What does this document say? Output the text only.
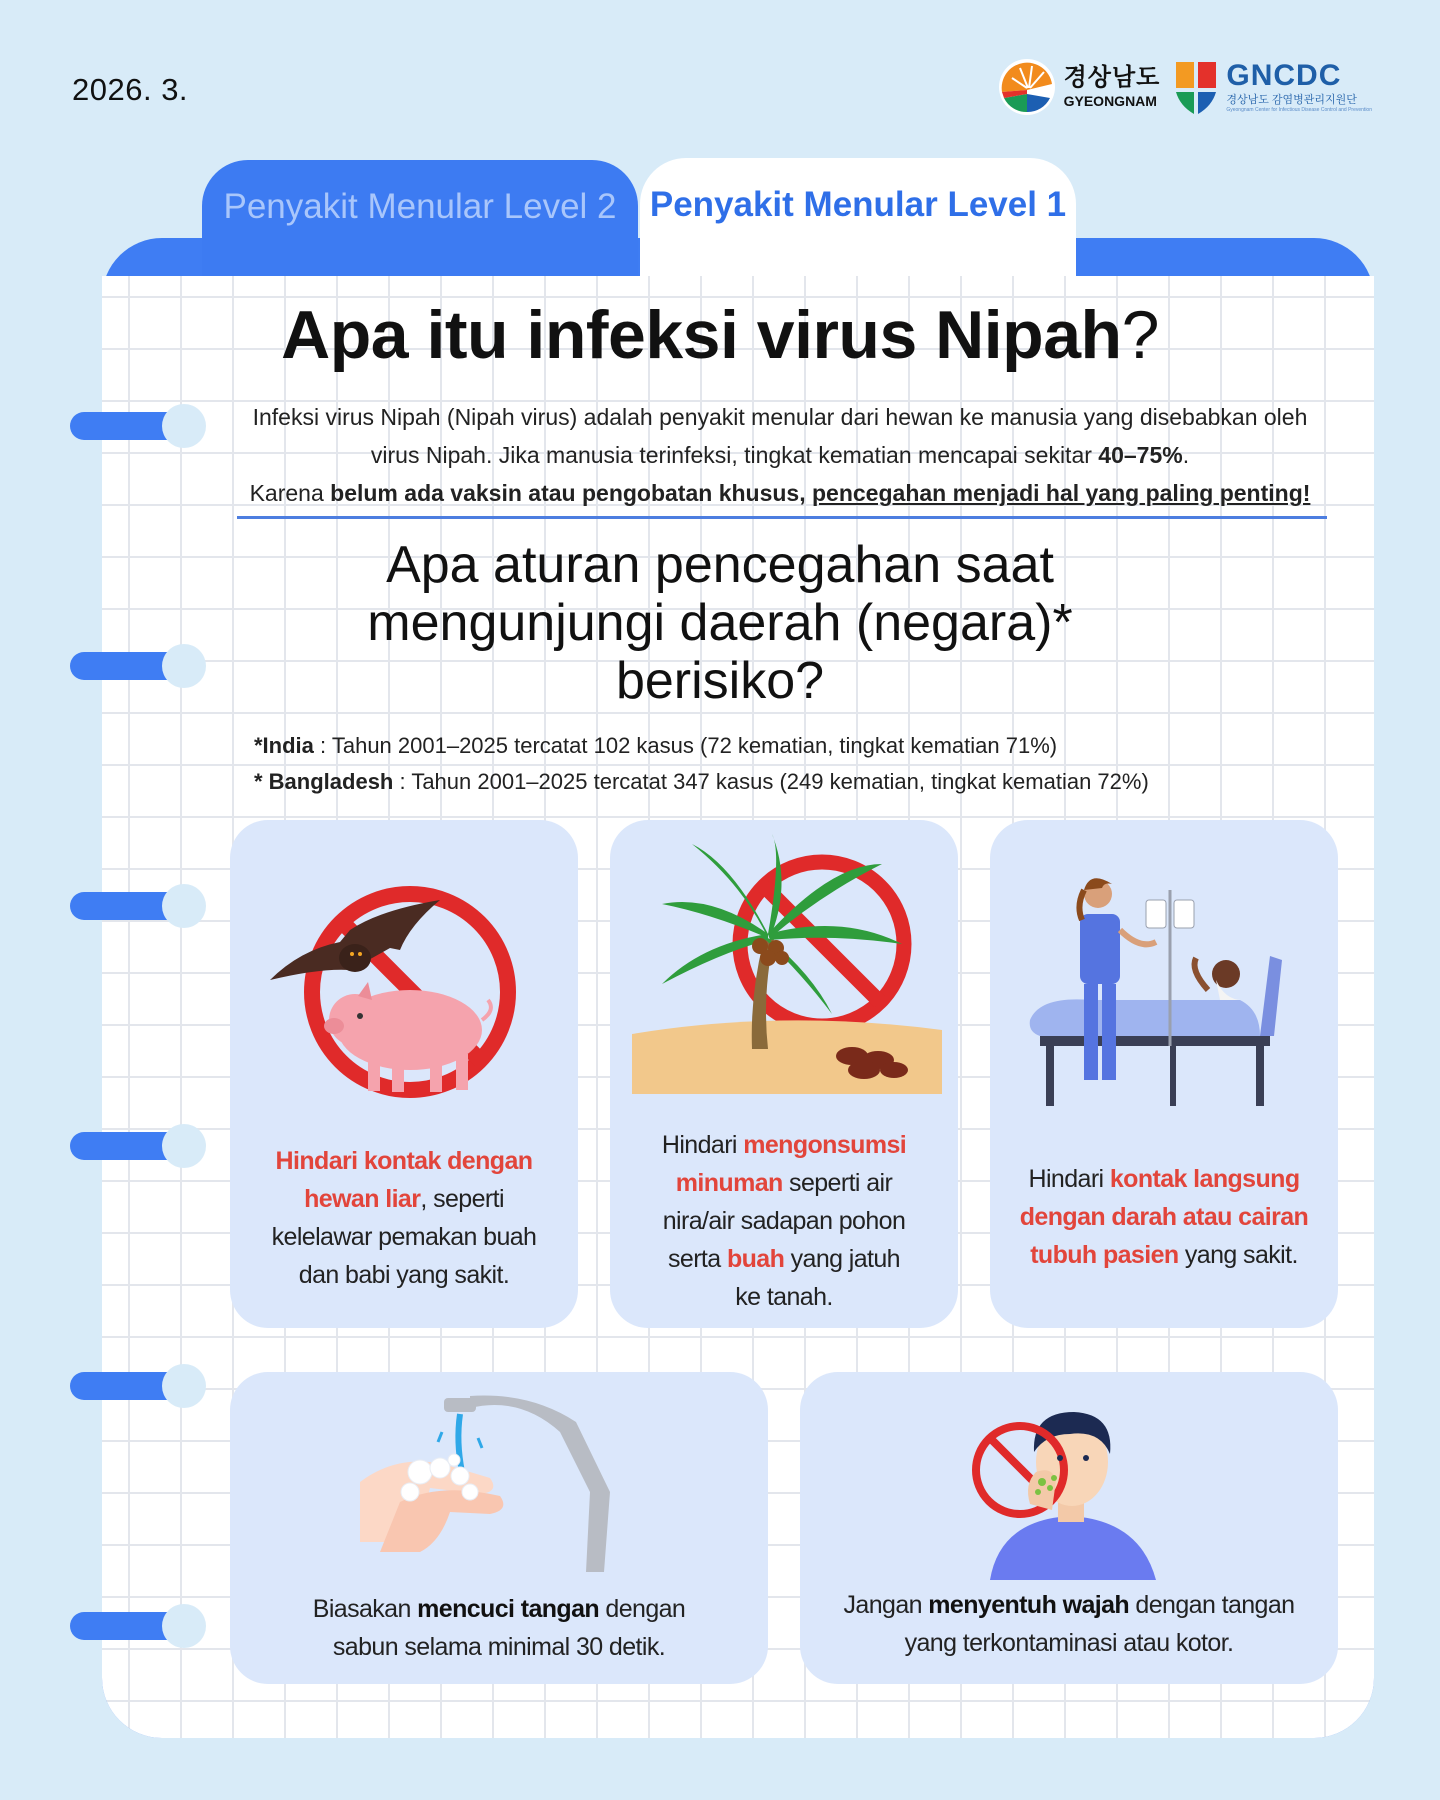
2026. 3.	경상남도
GYEONGNAM
GNCDC
경상남도 감염병관리지원단
Gyeongnam Center for Infectious Disease Control and Prevention
Penyakit Menular Level 2 Penyakit Menular Level 1
Apa itu infeksi virus Nipah?
Infeksi virus Nipah (Nipah virus) adalah penyakit menular dari hewan ke manusia yang disebabkan oleh
virus Nipah. Jika manusia terinfeksi, tingkat kematian mencapai sekitar 40–75%.
Karena belum ada vaksin atau pengobatan khusus, pencegahan menjadi hal yang paling penting!
Apa aturan pencegahan saat
mengunjungi daerah (negara)*
berisiko?
*India : Tahun 2001–2025 tercatat 102 kasus (72 kematian, tingkat kematian 71%)
* Bangladesh : Tahun 2001–2025 tercatat 347 kasus (249 kematian, tingkat kematian 72%)
Hindari kontak dengan
hewan liar, seperti
kelelawar pemakan buah
dan babi yang sakit.
Hindari mengonsumsi
minuman seperti air
nira/air sadapan pohon
serta buah yang jatuh
ke tanah.
Hindari kontak langsung
dengan darah atau cairan
tubuh pasien yang sakit.
Biasakan mencuci tangan dengan
sabun selama minimal 30 detik.
Jangan menyentuh wajah dengan tangan
yang terkontaminasi atau kotor.
